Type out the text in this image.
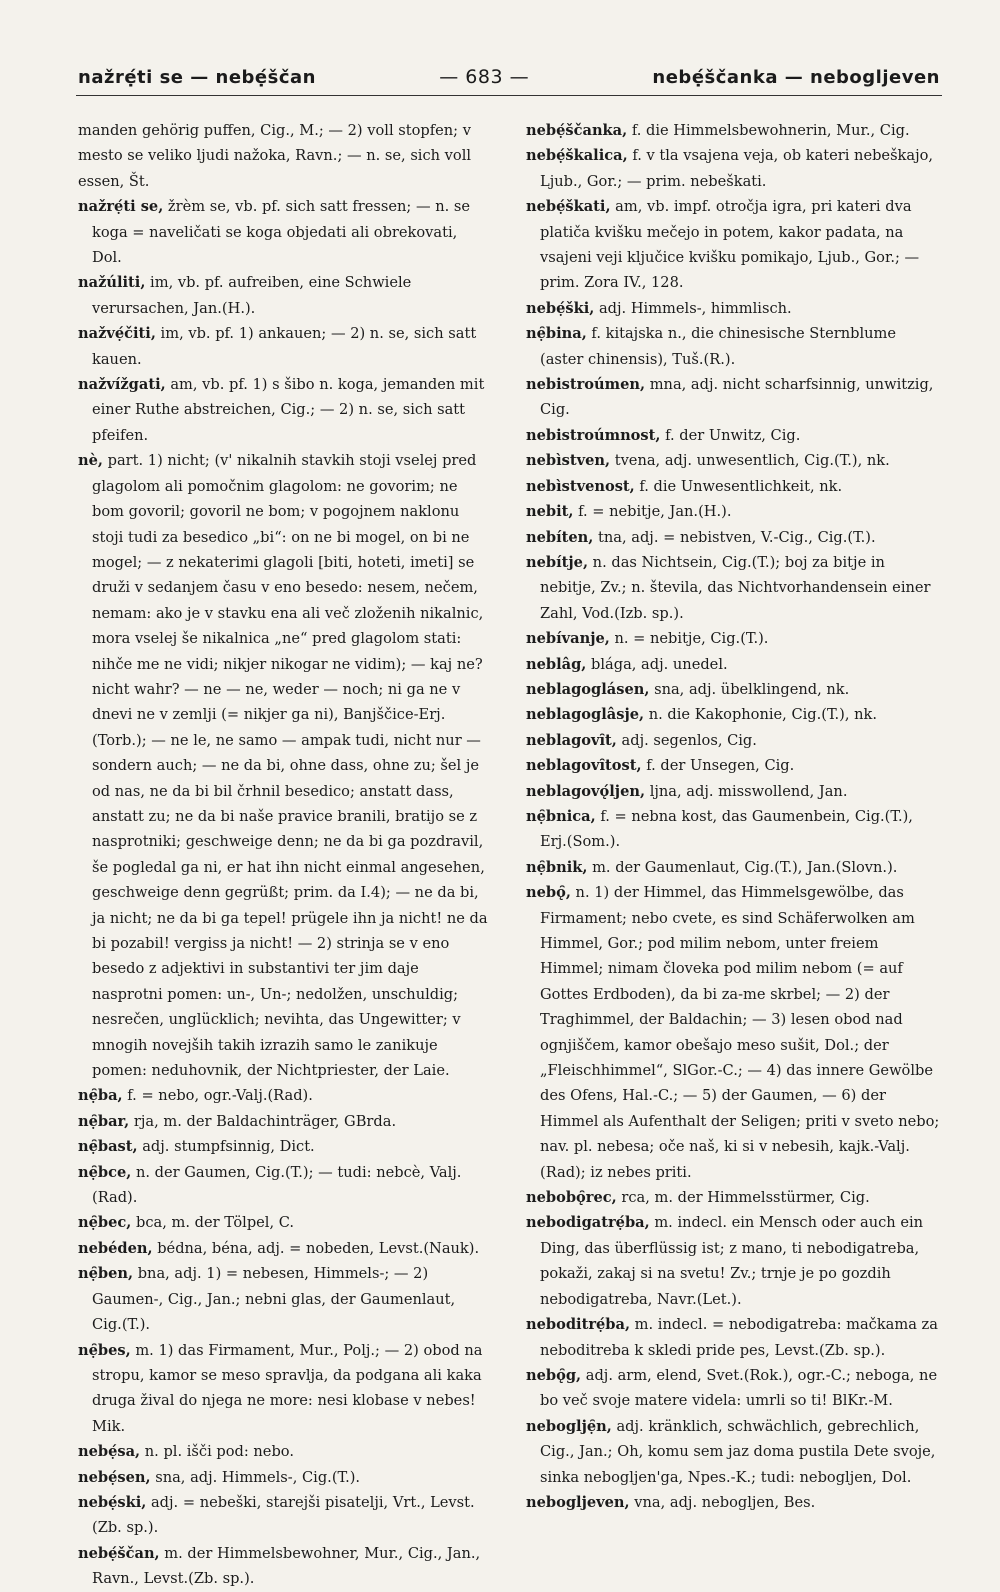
nažrẹ́ti se — nebẹ́ščan	— 683 —	nebẹ́ščanka — nebogljeven

manden gehörig puffen, Cig., M.; — 2) voll stopfen; v mesto se veliko ljudi nažoka, Ravn.; — n. se, sich voll essen, Št.

nažrẹ́ti se, žrèm se, vb. pf. sich satt fressen; — n. se koga = naveličati se koga objedati ali obrekovati, Dol.

nažúliti, im, vb. pf. aufreiben, eine Schwiele verursachen, Jan.(H.).

nažvẹ́čiti, im, vb. pf. 1) ankauen; — 2) n. se, sich satt kauen.

nažvížgati, am, vb. pf. 1) s šibo n. koga, jemanden mit einer Ruthe abstreichen, Cig.; — 2) n. se, sich satt pfeifen.

nè, part. 1) nicht; (v' nikalnih stavkih stoji vselej pred glagolom ali pomočnim glagolom: ne govorim; ne bom govoril; govoril ne bom; v pogojnem naklonu stoji tudi za besedico „bi“: on ne bi mogel, on bi ne mogel; — z nekaterimi glagoli [biti, hoteti, imeti] se druži v sedanjem času v eno besedo: nesem, nečem, nemam: ako je v stavku ena ali več zloženih nikalnic, mora vselej še nikalnica „ne“ pred glagolom stati: nihče me ne vidi; nikjer nikogar ne vidim); — kaj ne? nicht wahr? — ne — ne, weder — noch; ni ga ne v dnevi ne v zemlji (= nikjer ga ni), Banjščice-Erj.(Torb.); — ne le, ne samo — ampak tudi, nicht nur — sondern auch; — ne da bi, ohne dass, ohne zu; šel je od nas, ne da bi bil črhnil besedico; anstatt dass, anstatt zu; ne da bi naše pravice branili, bratijo se z nasprotniki; geschweige denn; ne da bi ga pozdravil, še pogledal ga ni, er hat ihn nicht einmal angesehen, geschweige denn gegrüßt; prim. da I.4); — ne da bi, ja nicht; ne da bi ga tepel! prügele ihn ja nicht! ne da bi pozabil! vergiss ja nicht! — 2) strinja se v eno besedo z adjektivi in substantivi ter jim daje nasprotni pomen: un-, Un-; nedolžen, unschuldig; nesrečen, unglücklich; nevihta, das Ungewitter; v mnogih novejših takih izrazih samo le zanikuje pomen: neduhovnik, der Nichtpriester, der Laie.

nẹ̑ba, f. = nebo, ogr.-Valj.(Rad).

nẹ̑bar, rja, m. der Baldachinträger, GBrda.

nẹ̑bast, adj. stumpfsinnig, Dict.

nẹ̑bce, n. der Gaumen, Cig.(T.); — tudi: nebcè, Valj.(Rad).

nẹ̑bec, bca, m. der Tölpel, C.

nebéden, bédna, béna, adj. = nobeden, Levst.(Nauk).

nẹ̑ben, bna, adj. 1) = nebesen, Himmels-; — 2) Gaumen-, Cig., Jan.; nebni glas, der Gaumenlaut, Cig.(T.).

nẹ̑bes, m. 1) das Firmament, Mur., Polj.; — 2) obod na stropu, kamor se meso spravlja, da podgana ali kaka druga žival do njega ne more: nesi klobase v nebes! Mik.

nebẹ́sa, n. pl. išči pod: nebo.

nebẹ́sen, sna, adj. Himmels-, Cig.(T.).

nebẹ́ski, adj. = nebeški, starejši pisatelji, Vrt., Levst.(Zb. sp.).

nebẹ́ščan, m. der Himmelsbewohner, Mur., Cig., Jan., Ravn., Levst.(Zb. sp.).

nebẹ́ščanka, f. die Himmelsbewohnerin, Mur., Cig.

nebẹ́škalica, f. v tla vsajena veja, ob kateri nebeškajo, Ljub., Gor.; — prim. nebeškati.

nebẹ́škati, am, vb. impf. otročja igra, pri kateri dva platiča kvišku mečejo in potem, kakor padata, na vsajeni veji ključice kvišku pomikajo, Ljub., Gor.; — prim. Zora IV., 128.

nebẹ́ški, adj. Himmels-, himmlisch.

nẹ̑bina, f. kitajska n., die chinesische Sternblume (aster chinensis), Tuš.(R.).

nebistroúmen, mna, adj. nicht scharfsinnig, unwitzig, Cig.

nebistroúmnost, f. der Unwitz, Cig.

nebìstven, tvena, adj. unwesentlich, Cig.(T.), nk.

nebìstvenost, f. die Unwesentlichkeit, nk.

nebit, f. = nebitje, Jan.(H.).

nebíten, tna, adj. = nebistven, V.-Cig., Cig.(T.).

nebítje, n. das Nichtsein, Cig.(T.); boj za bitje in nebitje, Zv.; n. števila, das Nichtvorhandensein einer Zahl, Vod.(Izb. sp.).

nebívanje, n. = nebitje, Cig.(T.).

neblâg, blága, adj. unedel.

neblagoglásen, sna, adj. übelklingend, nk.

neblagoglâsje, n. die Kakophonie, Cig.(T.), nk.

neblagovȋt, adj. segenlos, Cig.

neblagovȋtost, f. der Unsegen, Cig.

neblagovǫ́ljen, ljna, adj. misswollend, Jan.

nẹ̑bnica, f. = nebna kost, das Gaumenbein, Cig.(T.), Erj.(Som.).

nẹ̑bnik, m. der Gaumenlaut, Cig.(T.), Jan.(Slovn.).

nebǫ̑, n. 1) der Himmel, das Himmelsgewölbe, das Firmament; nebo cvete, es sind Schäferwolken am Himmel, Gor.; pod milim nebom, unter freiem Himmel; nimam človeka pod milim nebom (= auf Gottes Erdboden), da bi za-me skrbel; — 2) der Traghimmel, der Baldachin; — 3) lesen obod nad ognjiščem, kamor obešajo meso sušit, Dol.; der „Fleischhimmel“, SlGor.-C.; — 4) das innere Gewölbe des Ofens, Hal.-C.; — 5) der Gaumen, — 6) der Himmel als Aufenthalt der Seligen; priti v sveto nebo; nav. pl. nebesa; oče naš, ki si v nebesih, kajk.-Valj.(Rad); iz nebes priti.

nebobǫ̑rec, rca, m. der Himmelsstürmer, Cig.

nebodigatrẹ́ba, m. indecl. ein Mensch oder auch ein Ding, das überflüssig ist; z mano, ti nebodigatreba, pokaži, zakaj si na svetu! Zv.; trnje je po gozdih nebodigatreba, Navr.(Let.).

neboditrẹ́ba, m. indecl. = nebodigatreba: mačkama za neboditreba k skledi pride pes, Levst.(Zb. sp.).

nebǫ̑g, adj. arm, elend, Svet.(Rok.), ogr.-C.; neboga, ne bo več svoje matere videla: umrli so ti! BlKr.-M.

nebogljẹ̑n, adj. kränklich, schwächlich, gebrechlich, Cig., Jan.; Oh, komu sem jaz doma pustila Dete svoje, sinka nebogljen'ga, Npes.-K.; tudi: nebogljen, Dol.

nebogljeven, vna, adj. nebogljen, Bes.
